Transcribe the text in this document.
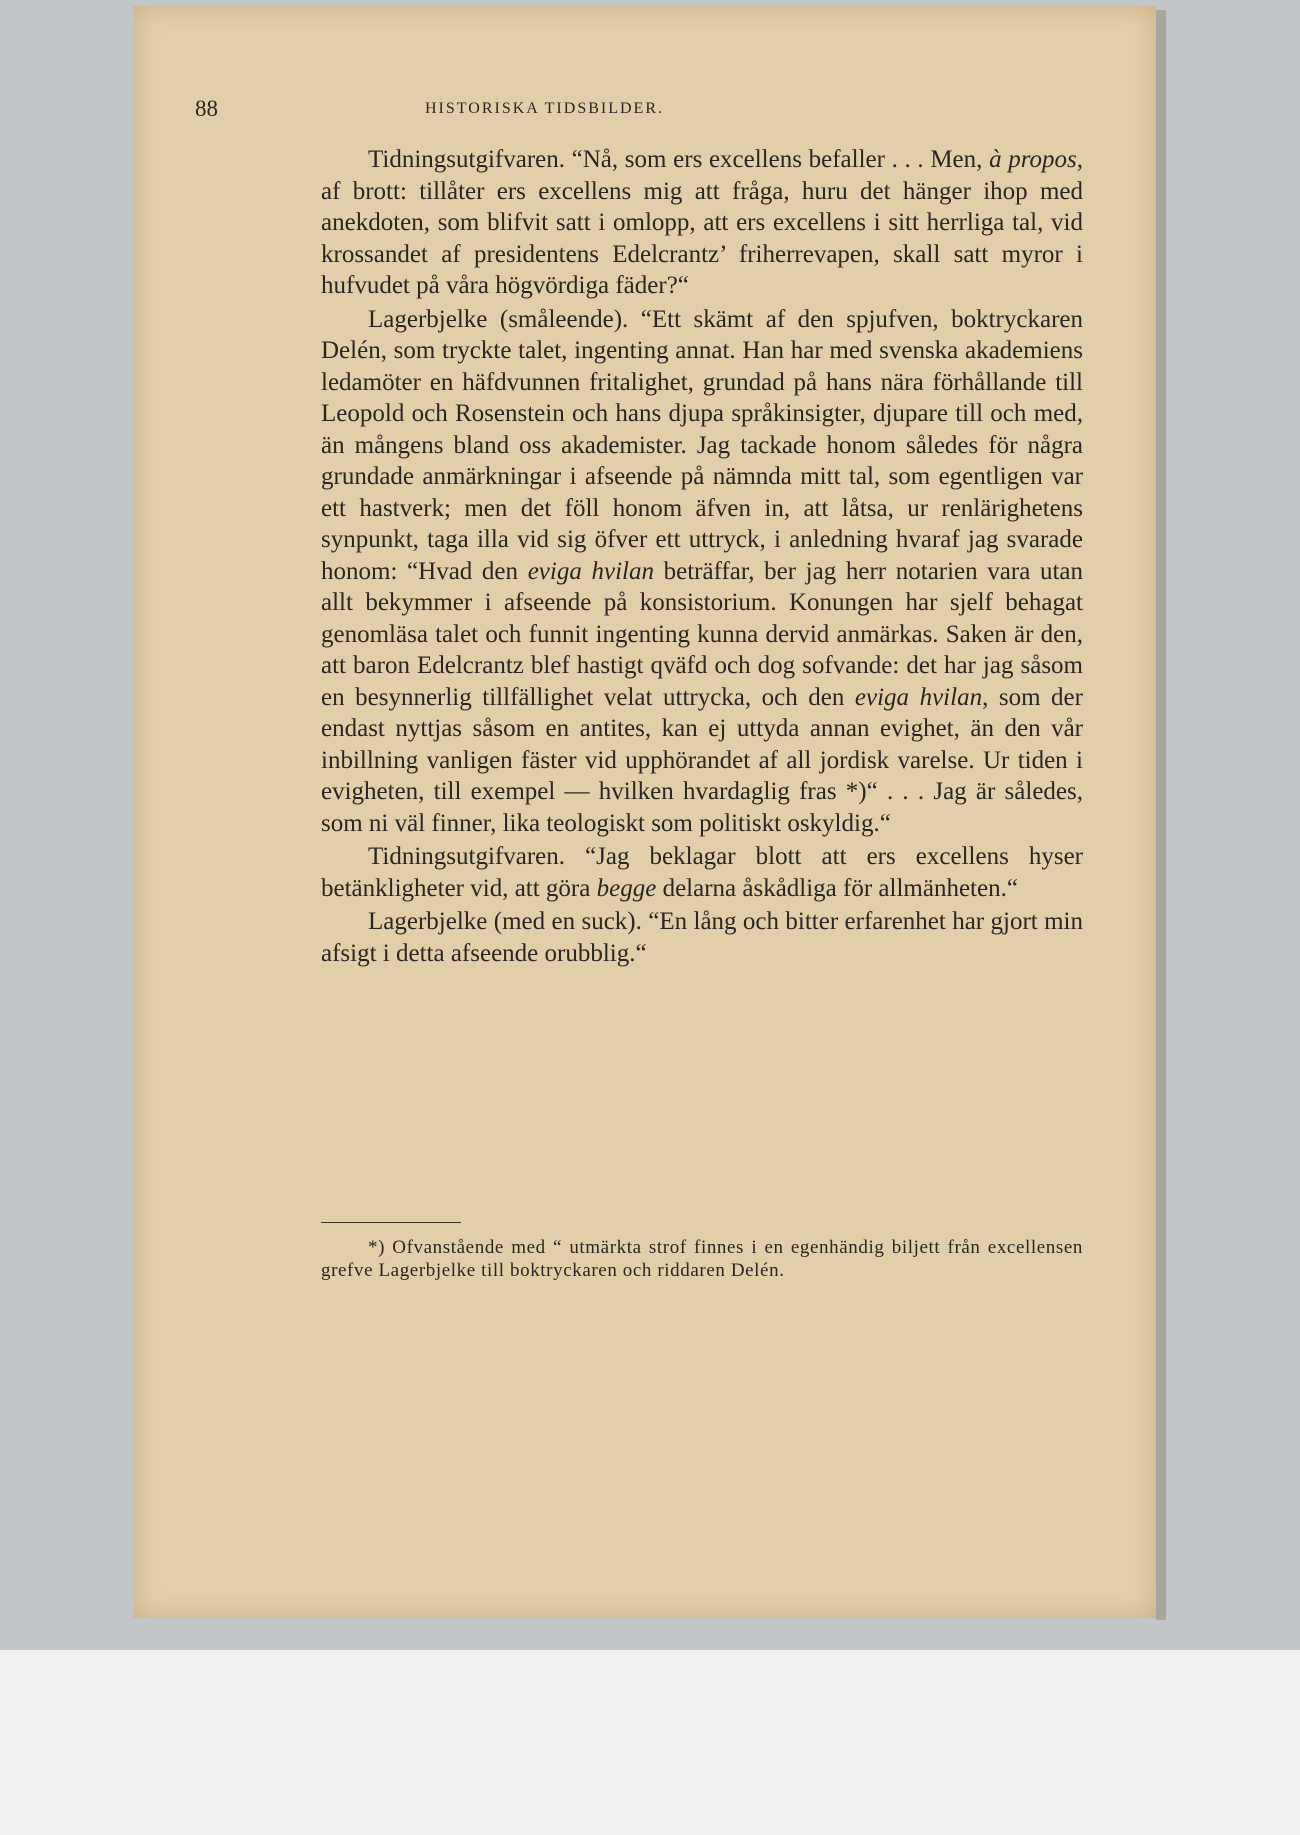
88	HISTORISKA TIDSBILDER.

Tidningsutgifvaren. “Nå, som ers excellens befaller . . . Men, à propos, af brott: tillåter ers excellens mig att fråga, huru det hänger ihop med anekdoten, som blifvit satt i omlopp, att ers excellens i sitt herrliga tal, vid krossandet af presidentens Edelcrantz’ friherrevapen, skall satt myror i hufvudet på våra högvördiga fäder?“

Lagerbjelke (småleende). “Ett skämt af den spjufven, boktryckaren Delén, som tryckte talet, ingenting annat. Han har med svenska akademiens ledamöter en häfdvunnen fritalighet, grundad på hans nära förhållande till Leopold och Rosenstein och hans djupa språkinsigter, djupare till och med, än mångens bland oss akademister. Jag tackade honom således för några grundade anmärkningar i afseende på nämnda mitt tal, som egentligen var ett hastverk; men det föll honom äfven in, att låtsa, ur renlärighetens synpunkt, taga illa vid sig öfver ett uttryck, i anledning hvaraf jag svarade honom: “Hvad den eviga hvilan beträffar, ber jag herr notarien vara utan allt bekymmer i afseende på konsistorium. Konungen har sjelf behagat genomläsa talet och funnit ingenting kunna dervid anmärkas. Saken är den, att baron Edelcrantz blef hastigt qväfd och dog sofvande: det har jag såsom en besynnerlig tillfällighet velat uttrycka, och den eviga hvilan, som der endast nyttjas såsom en antites, kan ej uttyda annan evighet, än den vår inbillning vanligen fäster vid upphörandet af all jordisk varelse. Ur tiden i evigheten, till exempel — hvilken hvardaglig fras *)“ . . . Jag är således, som ni väl finner, lika teologiskt som politiskt oskyldig.“

Tidningsutgifvaren. “Jag beklagar blott att ers excellens hyser betänkligheter vid, att göra begge delarna åskådliga för allmänheten.“

Lagerbjelke (med en suck). “En lång och bitter erfarenhet har gjort min afsigt i detta afseende orubblig.“

*) Ofvanstående med “ utmärkta strof finnes i en egenhändig biljett från excellensen grefve Lagerbjelke till boktryckaren och riddaren Delén.
